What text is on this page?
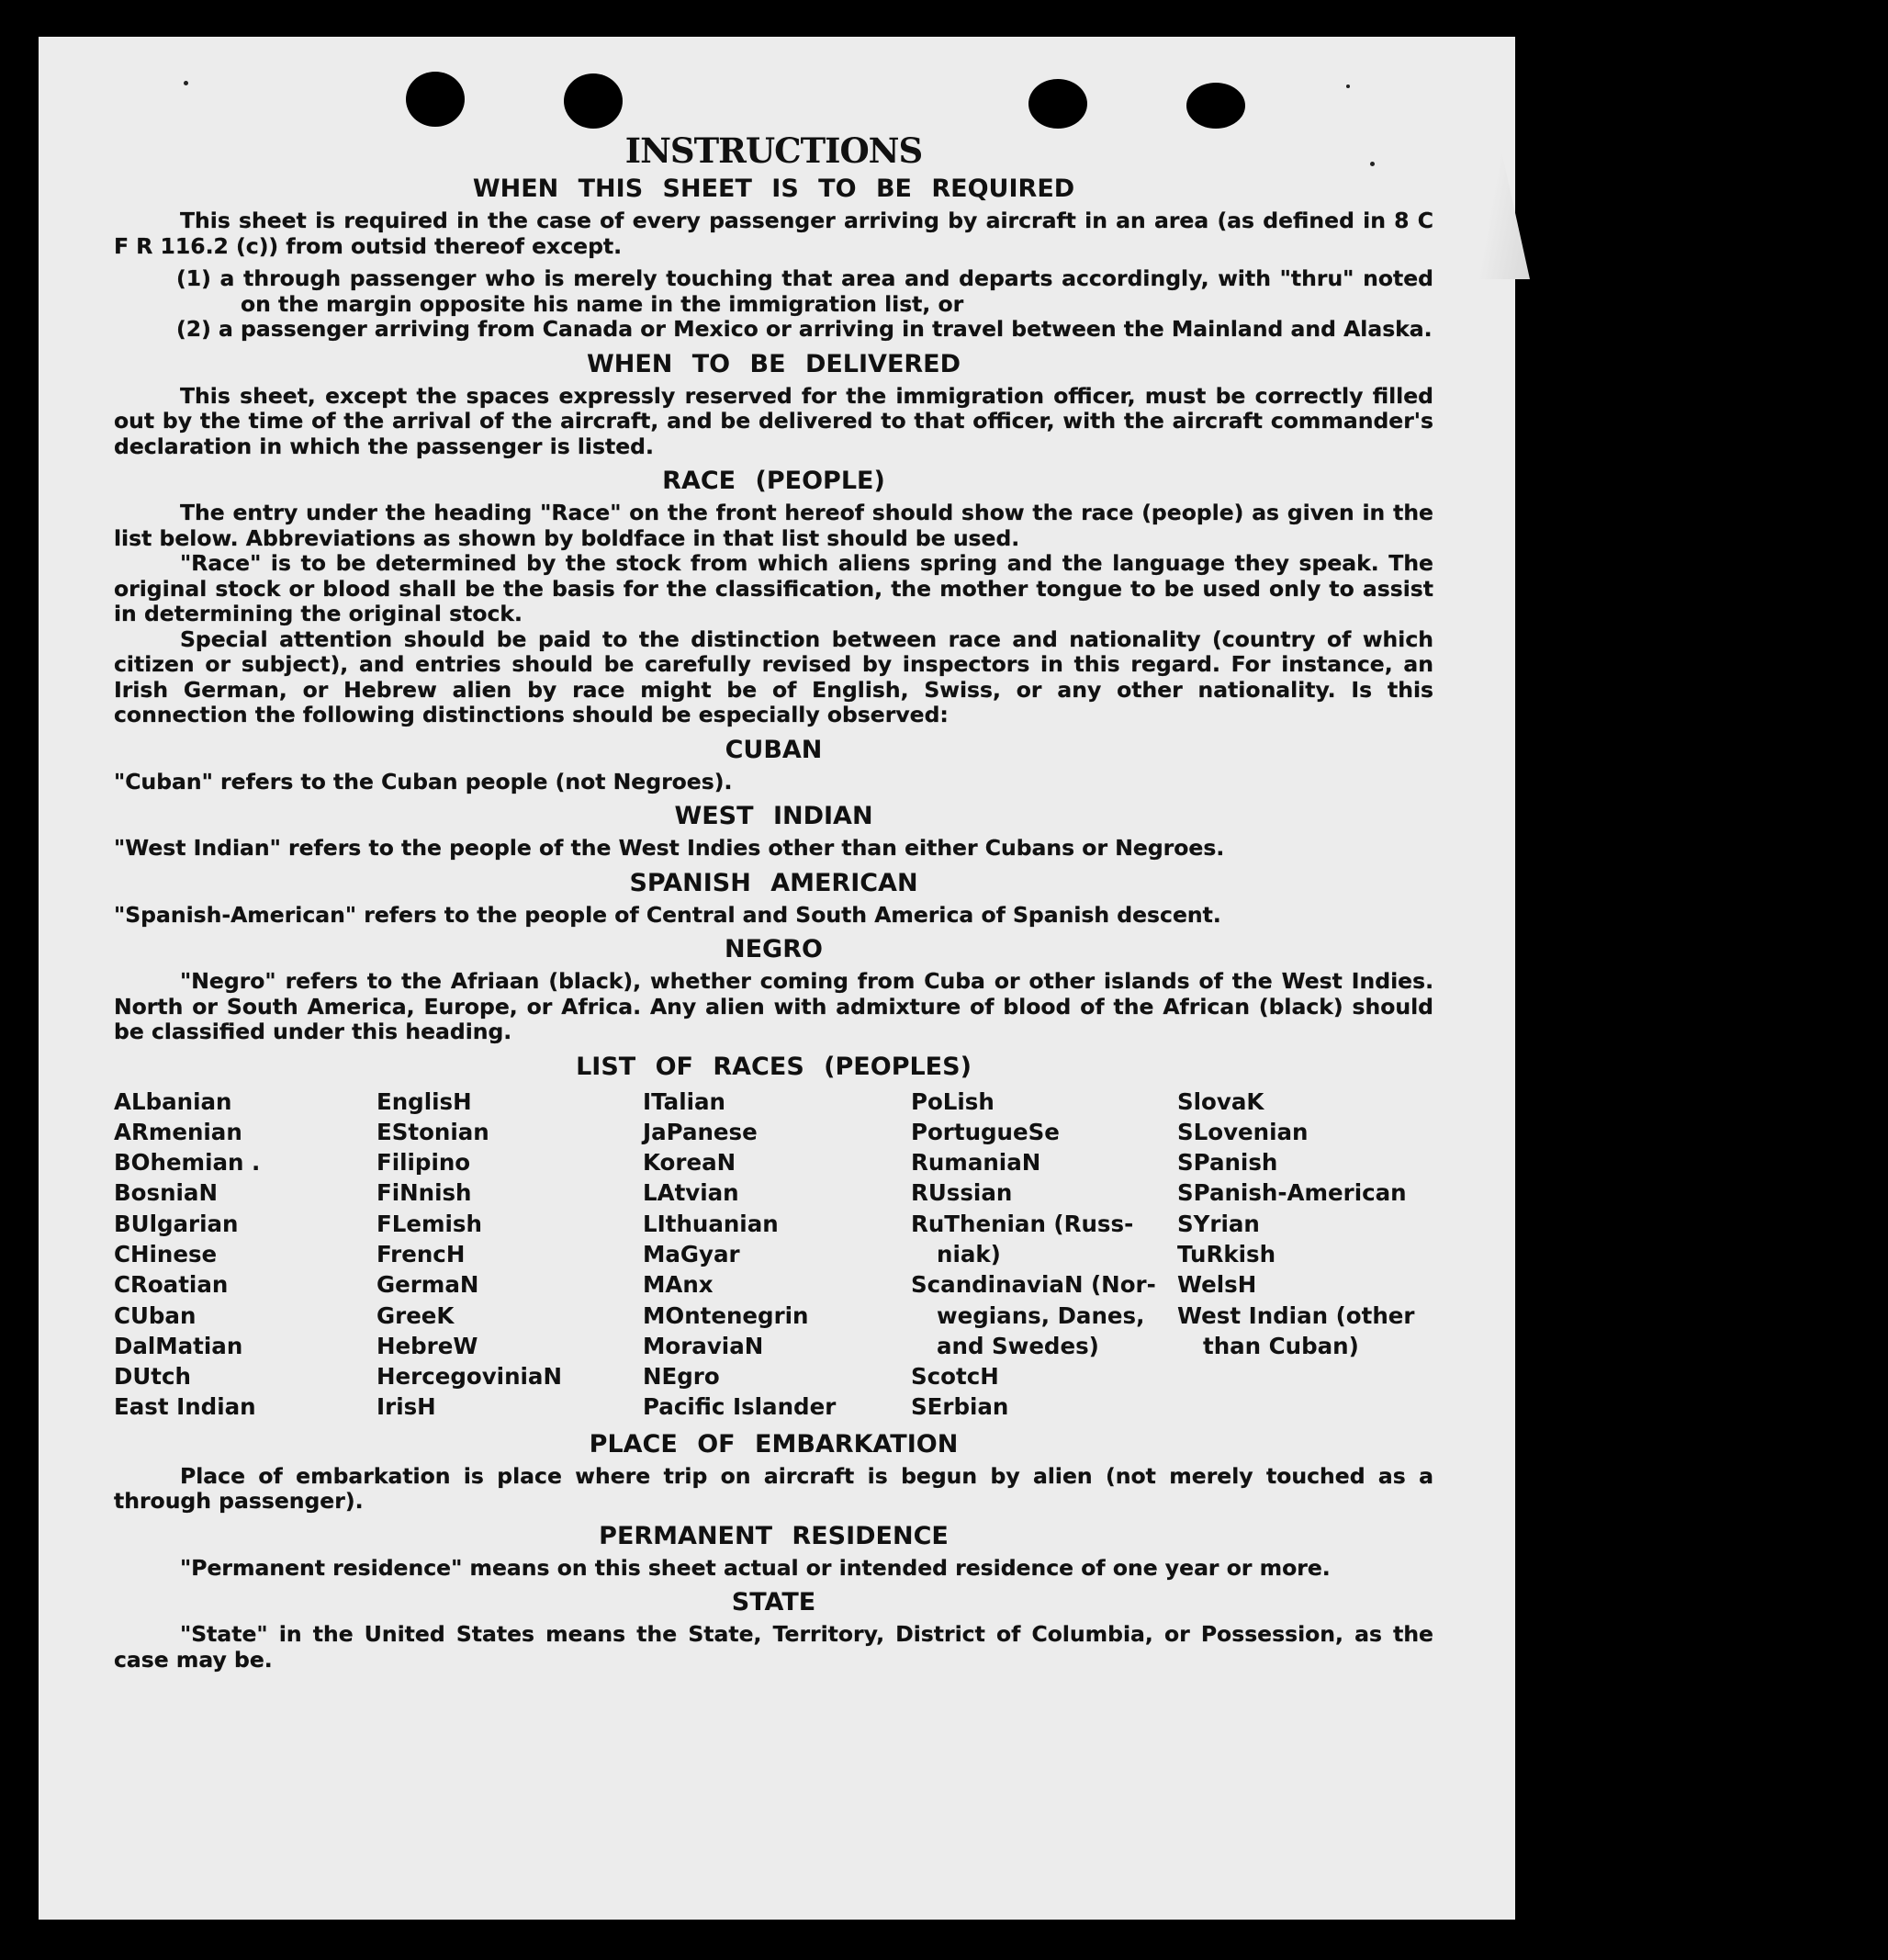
INSTRUCTIONS
WHEN THIS SHEET IS TO BE REQUIRED

This sheet is required in the case of every passenger arriving by aircraft in an area (as defined in 8 C F R 116.2 (c)) from outsid thereof except.

(1) a through passenger who is merely touching that area and departs accordingly, with "thru" noted on the margin opposite his name in the immigration list, or

(2) a passenger arriving from Canada or Mexico or arriving in travel between the Mainland and Alaska.

WHEN TO BE DELIVERED

This sheet, except the spaces expressly reserved for the immigration officer, must be correctly filled out by the time of the arrival of the aircraft, and be delivered to that officer, with the aircraft commander's declaration in which the passenger is listed.

RACE (PEOPLE)

The entry under the heading "Race" on the front hereof should show the race (people) as given in the list below. Abbreviations as shown by boldface in that list should be used.

"Race" is to be determined by the stock from which aliens spring and the language they speak. The original stock or blood shall be the basis for the classification, the mother tongue to be used only to assist in determining the original stock.

Special attention should be paid to the distinction between race and nationality (country of which citizen or subject), and entries should be carefully revised by inspectors in this regard. For instance, an Irish German, or Hebrew alien by race might be of English, Swiss, or any other nationality. Is this connection the following distinctions should be especially observed:

CUBAN

"Cuban" refers to the Cuban people (not Negroes).

WEST INDIAN

"West Indian" refers to the people of the West Indies other than either Cubans or Negroes.

SPANISH AMERICAN

"Spanish-American" refers to the people of Central and South America of Spanish descent.

NEGRO

"Negro" refers to the Afriaan (black), whether coming from Cuba or other islands of the West Indies. North or South America, Europe, or Africa. Any alien with admixture of blood of the African (black) should be classified under this heading.

LIST OF RACES (PEOPLES)
ALbanian
ARmenian
BOhemian .
BosniaN
BUlgarian
CHinese
CRoatian
CUban
DalMatian
DUtch
East Indian
EnglisH
EStonian
Filipino
FiNnish
FLemish
FrencH
GermaN
GreeK
HebreW
HercegoviniaN
IrisH
ITalian
JaPanese
KoreaN
LAtvian
LIthuanian
MaGyar
MAnx
MOntenegrin
MoraviaN
NEgro
Pacific Islander
PoLish
PortugueSe
RumaniaN
RUssian
RuThenian (Russ-
niak)
ScandinaviaN (Nor-
wegians, Danes,
and Swedes)
ScotcH
SErbian
SlovaK
SLovenian
SPanish
SPanish-American
SYrian
TuRkish
WelsH
West Indian (other
than Cuban)
PLACE OF EMBARKATION

Place of embarkation is place where trip on aircraft is begun by alien (not merely touched as a through passenger).

PERMANENT RESIDENCE

"Permanent residence" means on this sheet actual or intended residence of one year or more.

STATE

"State" in the United States means the State, Territory, District of Columbia, or Possession, as the case may be.
